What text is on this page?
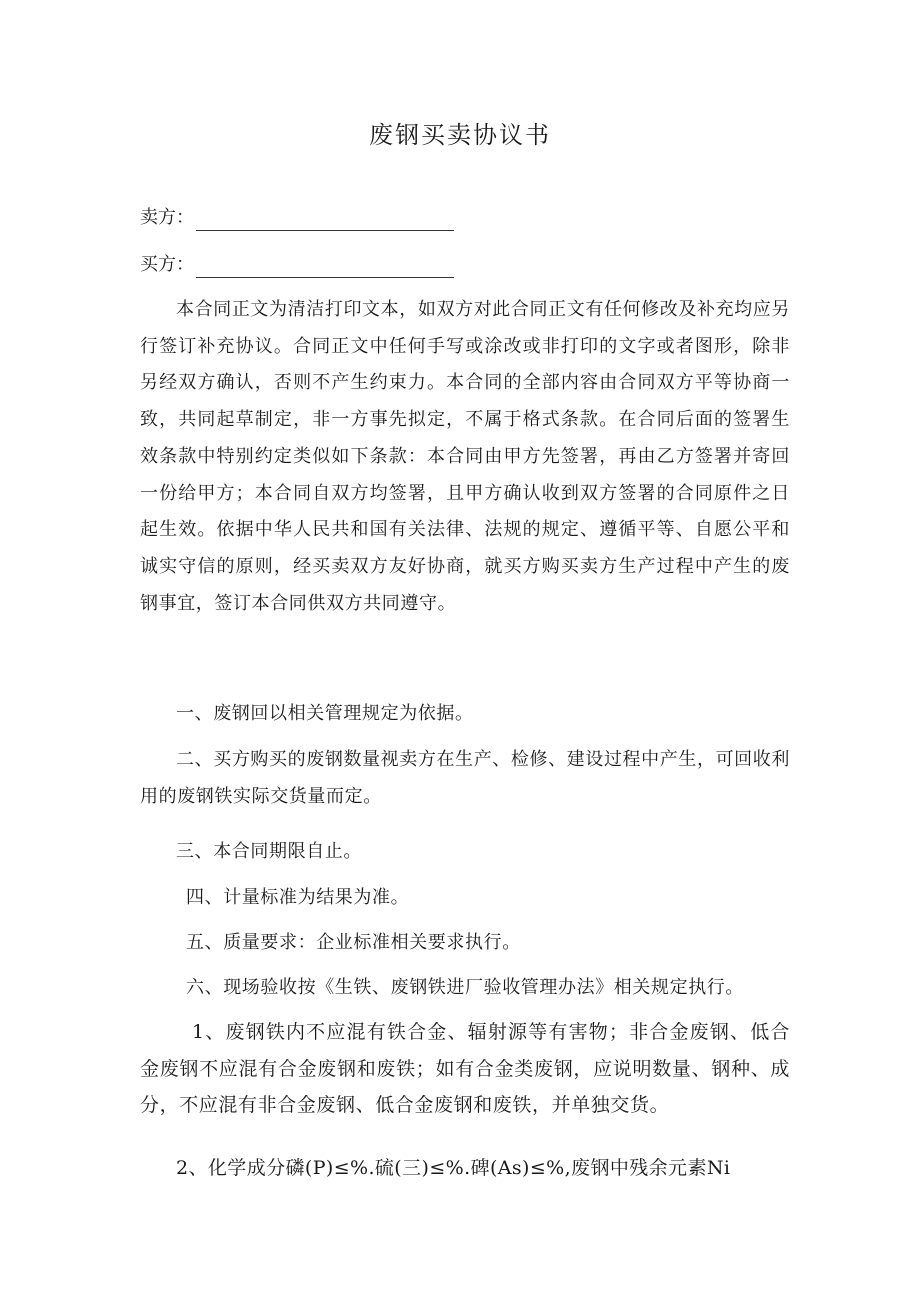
废钢买卖协议书
卖方：
买方：

本合同正文为清洁打印文本，如双方对此合同正文有任何修改及补充均应另行签订补充协议。合同正文中任何手写或涂改或非打印的文字或者图形，除非另经双方确认，否则不产生约束力。本合同的全部内容由合同双方平等协商一致，共同起草制定，非一方事先拟定，不属于格式条款。在合同后面的签署生效条款中特别约定类似如下条款：本合同由甲方先签署，再由乙方签署并寄回一份给甲方；本合同自双方均签署，且甲方确认收到双方签署的合同原件之日起生效。依据中华人民共和国有关法律、法规的规定、遵循平等、自愿公平和诚实守信的原则，经买卖双方友好协商，就买方购买卖方生产过程中产生的废钢事宜，签订本合同供双方共同遵守。

一、废钢回以相关管理规定为依据。

二、买方购买的废钢数量视卖方在生产、检修、建设过程中产生，可回收利用的废钢铁实际交货量而定。

三、本合同期限自止。

四、计量标准为结果为准。

五、质量要求：企业标准相关要求执行。

六、现场验收按《生铁、废钢铁进厂验收管理办法》相关规定执行。

1、废钢铁内不应混有铁合金、辐射源等有害物；非合金废钢、低合金废钢不应混有合金废钢和废铁；如有合金类废钢，应说明数量、钢种、成分，不应混有非合金废钢、低合金废钢和废铁，并单独交货。

2、化学成分磷(P)≤%.硫(三)≤%.碑(As)≤%,废钢中残余元素Ni
